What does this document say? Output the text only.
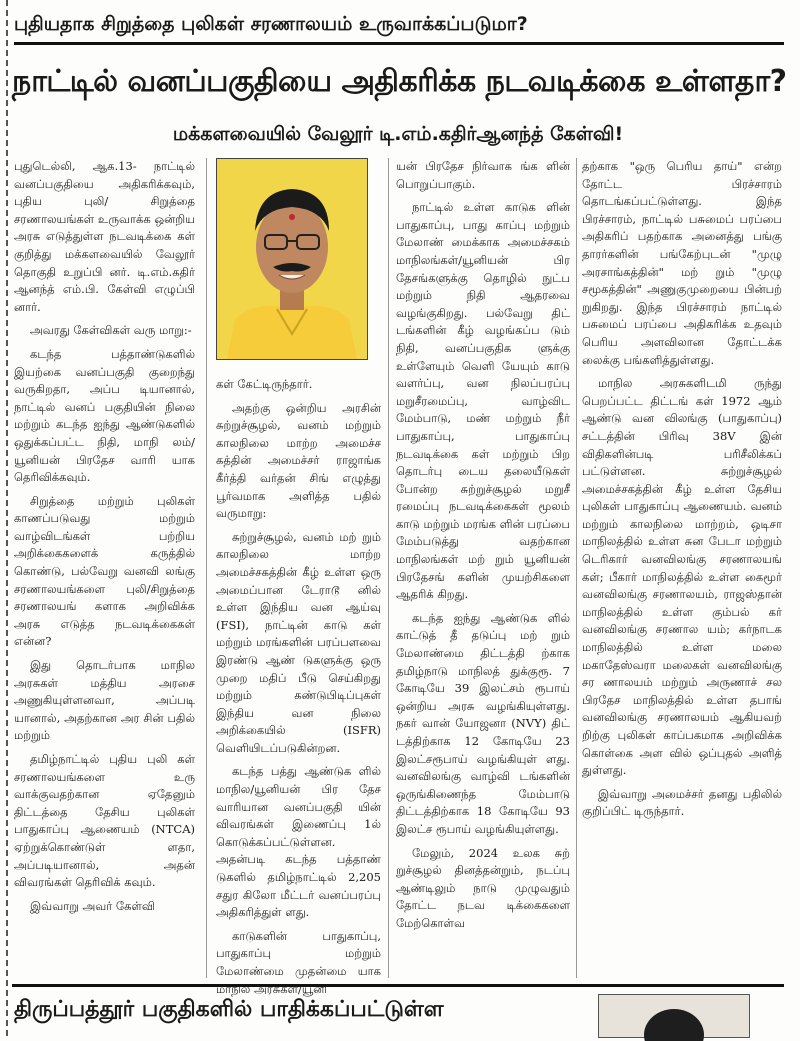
புதியதாக சிறுத்தை புலிகள் சரணாலயம் உருவாக்கப்படுமா?
நாட்டில் வனப்பகுதியை அதிகரிக்க நடவடிக்கை உள்ளதா?
மக்களவையில் வேலூர் டி.எம்.கதிர்ஆனந்த் கேள்வி!

புதுடெல்லி, ஆக.13- நாட்டில் வனப்பகுதியை அதிகரிக்கவும், புதிய புலி/ சிறுத்தை சரணாலயங்கள் உருவாக்க ஒன்றிய அரசு எடுத்துள்ள நடவடிக்கை கள் குறித்து மக்களவையில் வேலூர் தொகுதி உறுப்பி னர். டி.எம்.கதிர் ஆனந்த் எம்.பி. கேள்வி எழுப்பி னார்.

அவரது கேள்விகள் வரு மாறு:-

கடந்த பத்தாண்டுகளில் இயற்கை வனப்பகுதி குறைந்து வருகிறதா, அப்ப டியானால், நாட்டில் வனப் பகுதியின் நிலை மற்றும் கடந்த ஐந்து ஆண்டுகளில் ஒதுக்கப்பட்ட நிதி, மாநி லம்/யூனியன் பிரதேச வாரி யாக தெரிவிக்கவும்.

சிறுத்தை மற்றும் புலிகள் காணப்படுவது மற்றும் வாழ்விடங்கள் பற்றிய அறிக்கைகளைக் கருத்தில் கொண்டு, பல்வேறு வனவி லங்கு சரணாலயங்களை புலி/சிறுத்தை சரணாலயங் களாக அறிவிக்க அரசு எடுத்த நடவடிக்கைகள் என்ன?

இது தொடர்பாக மாநில அரசுகள் மத்திய அரசை அணுகியுள்ளனவா, அப்படி யானால், அதற்கான அர சின் பதில் மற்றும்

தமிழ்நாட்டில் புதிய புலி கள் சரணாலயங்களை உரு வாக்குவதற்கான ஏதேனும் திட்டத்தை தேசிய புலிகள் பாதுகாப்பு ஆணையம் (NTCA) ஏற்றுக்கொண்டுள் ளதா, அப்படியானால், அதன் விவரங்கள் தெரிவிக் கவும்.

இவ்வாறு அவர் கேள்வி

கள் கேட்டிருந்தார்.

அதற்கு ஒன்றிய அரசின் சுற்றுச்சூழல், வனம் மற்றும் காலநிலை மாற்ற அமைச்ச கத்தின் அமைச்சர் ராஜாங்க கீர்த்தி வர்தன் சிங் எழுத்து பூர்வமாக அளித்த பதில் வருமாறு:

சுற்றுச்சூழல், வனம் மற் றும் காலநிலை மாற்ற அமைச்சகத்தின் கீழ் உள்ள ஒரு அமைப்பான டேராடூ னில் உள்ள இந்திய வன ஆய்வு (FSI), நாட்டின் காடு கள் மற்றும் மரங்களின் பரப்பளவை இரண்டு ஆண் டுகளுக்கு ஒரு முறை மதிப் பீடு செய்கிறது மற்றும் கண்டுபிடிப்புகள் இந்திய வன நிலை அறிக்கையில் (ISFR) வெளியிடப்படுகின்றன.

கடந்த பத்து ஆண்டுக ளில் மாநில/யூனியன் பிர தேச வாரியான வனப்பகுதி யின் விவரங்கள் இணைப்பு 1ல் கொடுக்கப்பட்டுள்ளன. அதன்படி கடந்த பத்தாண் டுகளில் தமிழ்நாட்டில் 2,205 சதுர கிலோ மீட்டர் வனப்பரப்பு அதிகரித்துள் ளது.

காடுகளின் பாதுகாப்பு, பாதுகாப்பு மற்றும் மேலாண்மை முதன்மை யாக மாநில அரசுகள்/யூனி

யன் பிரதேச நிர்வாக ங்க ளின் பொறுப்பாகும்.

நாட்டில் உள்ள காடுக ளின் பாதுகாப்பு, பாது காப்பு மற்றும் மேலாண் மைக்காக அமைச்சகம் மாநிலங்கள்/யூனியன் பிர தேசங்களுக்கு தொழில் நுட்ப மற்றும் நிதி ஆதரவை வழங்குகிறது. பல்வேறு திட் டங்களின் கீழ் வழங்கப்ப டும் நிதி, வனப்பகுதிக ளுக்கு உள்ளேயும் வெளி யேயும் காடு வளர்ப்பு, வன நிலப்பரப்பு மறுசீரமைப்பு, வாழ்விட மேம்பாடு, மண் மற்றும் நீர் பாதுகாப்பு, பாதுகாப்பு நடவடிக்கை கள் மற்றும் பிற தொடர்பு டைய தலையீடுகள் போன்ற சுற்றுச்சூழல் மறுசீ ரமைப்பு நடவடிக்கைகள் மூலம் காடு மற்றும் மரங்க ளின் பரப்பை மேம்படுத்து வதற்கான மாநிலங்கள் மற் றும் யூனியன் பிரதேசங் களின் முயற்சிகளை ஆதரிக் கிறது.

கடந்த ஐந்து ஆண்டுக ளில் காட்டுத் தீ தடுப்பு மற் றும் மேலாண்மை திட்டத்தி ற்காக தமிழ்நாடு மாநிலத் துக்குரூ. 7 கோடியே 39 இலட்சம் ரூபாய் ஒன்றிய அரசு வழங்கியுள்ளது. நகர் வான் யோஜனா (NVY) திட் டத்திற்காக 12 கோடியே 23 இலட்சரூபாய் வழங்கியுள் ளது. வனவிலங்கு வாழ்வி டங்களின் ஒருங்கிணைந்த மேம்பாடு திட்டத்திற்காக 18 கோடியே 93 இலட்ச ரூபாய் வழங்கியுள்ளது.

மேலும், 2024 உலக சுற் றுச்சூழல் தினத்தன்றும், நடப்பு ஆண்டிலும் நாடு முழுவதும் தோட்ட நடவ டிக்கைகளை மேற்கொள்வ

தற்காக "ஒரு பெரிய தாய்" என்ற தோட்ட பிரச்சாரம் தொடங்கப்பட்டுள்ளது. இந்த பிரச்சாரம், நாட்டில் பசுமைப் பரப்பை அதிகரிப் பதற்காக அனைத்து பங்கு தாரர்களின் பங்கேற்புடன் "முழு அரசாங்கத்தின்" மற் றும் "முழு சமூகத்தின்" அணுகுமுறையை பின்பற் றுகிறது. இந்த பிரச்சாரம் நாட்டில் பசுமைப் பரப்பை அதிகரிக்க உதவும் பெரிய அளவிலான தோட்டக்க லைக்கு பங்களித்துள்ளது.

மாநில அரசுகளிடமி ருந்து பெறப்பட்ட திட்டங் கள் 1972 ஆம் ஆண்டு வன விலங்கு (பாதுகாப்பு) சட்டத்தின் பிரிவு 38V இன் விதிகளின்படி பரிசீலிக்கப் பட்டுள்ளன. சுற்றுச்சூழல் அமைச்சகத்தின் கீழ் உள்ள தேசிய புலிகள் பாதுகாப்பு ஆணையம். வனம் மற்றும் காலநிலை மாற்றம், ஒடிசா மாநிலத்தில் உள்ள சுன பேடா மற்றும் டெரிகார் வனவிலங்கு சரணாலயங் கள்; பீகார் மாநிலத்தில் உள்ள கைமூர் வனவிலங்கு சரணாலயம், ராஜஸ்தான் மாநிலத்தில் உள்ள கும்பல் கர் வனவிலங்கு சரணால யம்; கர்நாடக மாநிலத்தில் உள்ள மலை மகாதேஸ்வரா மலைகள் வனவிலங்கு சர ணாலயம் மற்றும் அருணாச் சல பிரதேச மாநிலத்தில் உள்ள தபாங் வனவிலங்கு சரணாலயம் ஆகியவற் றிற்கு புலிகள் காப்பகமாக அறிவிக்க கொள்கை அள வில் ஒப்புதல் அளித் துள்ளது.

இவ்வாறு அமைச்சர் தனது பதிலில் குறிப்பிட் டிருந்தார்.

திருப்பத்தூர் பகுதிகளில் பாதிக்கப்பட்டுள்ள
